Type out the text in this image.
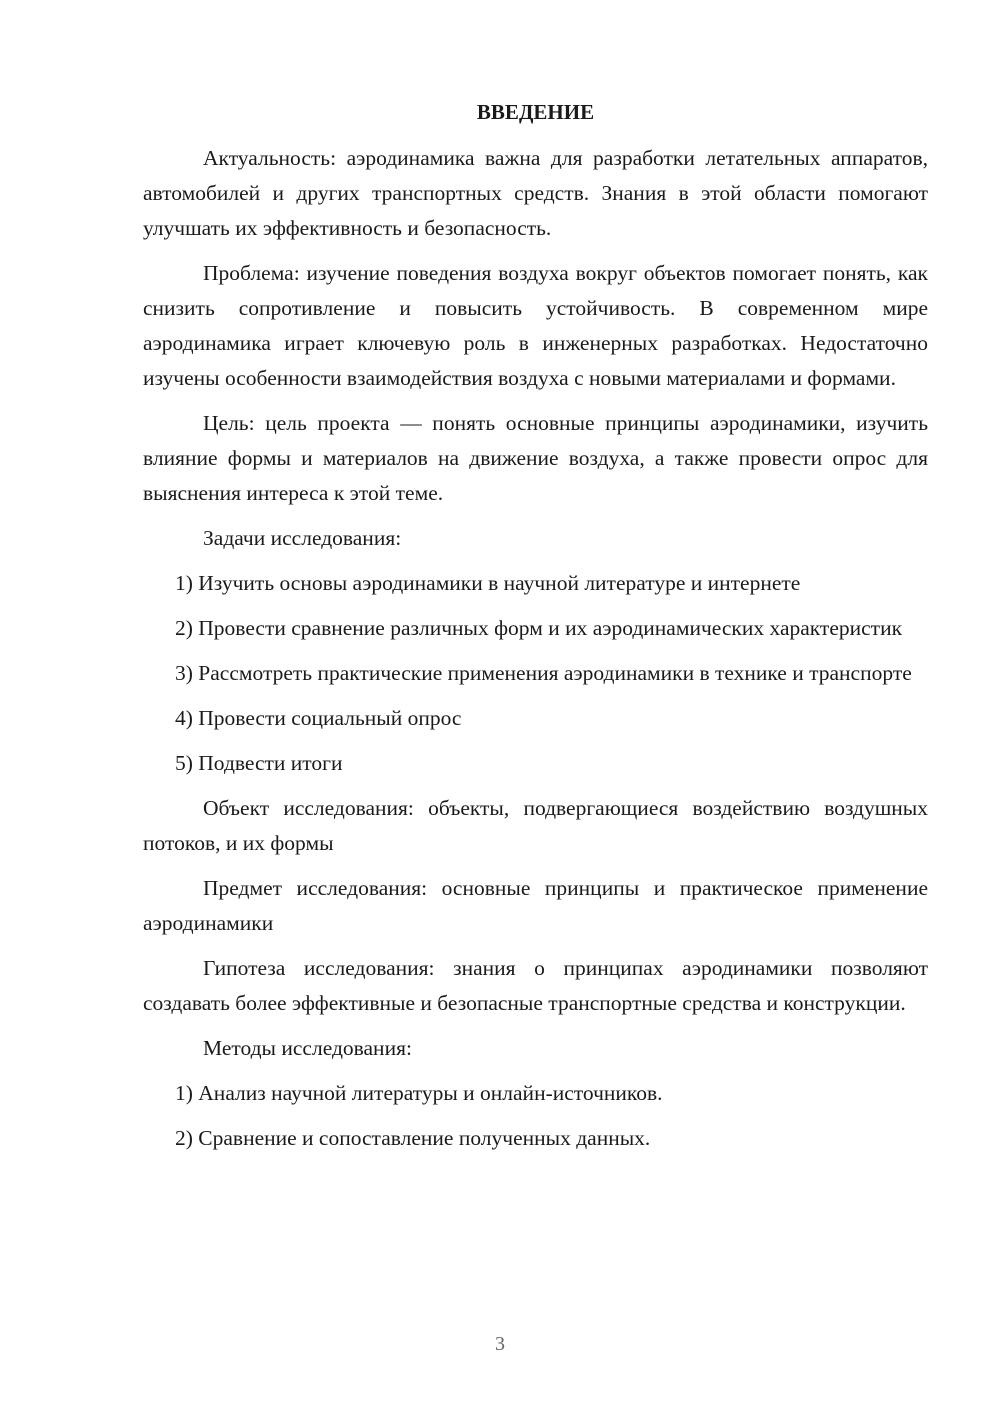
ВВЕДЕНИЕ

Актуальность: аэродинамика важна для разработки летательных аппаратов, автомобилей и других транспортных средств. Знания в этой области помогают улучшать их эффективность и безопасность.

Проблема: изучение поведения воздуха вокруг объектов помогает понять, как снизить сопротивление и повысить устойчивость. В современном мире аэродинамика играет ключевую роль в инженерных разработках. Недостаточно изучены особенности взаимодействия воздуха с новыми материалами и формами.

Цель: цель проекта — понять основные принципы аэродинамики, изучить влияние формы и материалов на движение воздуха, а также провести опрос для выяснения интереса к этой теме.

Задачи исследования:

1) Изучить основы аэродинамики в научной литературе и интернете

2) Провести сравнение различных форм и их аэродинамических характеристик

3) Рассмотреть практические применения аэродинамики в технике и транспорте

4) Провести социальный опрос

5) Подвести итоги

Объект исследования: объекты, подвергающиеся воздействию воздушных потоков, и их формы

Предмет исследования: основные принципы и практическое применение аэродинамики

Гипотеза исследования: знания о принципах аэродинамики позволяют создавать более эффективные и безопасные транспортные средства и конструкции.

Методы исследования:

1) Анализ научной литературы и онлайн-источников.

2) Сравнение и сопоставление полученных данных.

3
